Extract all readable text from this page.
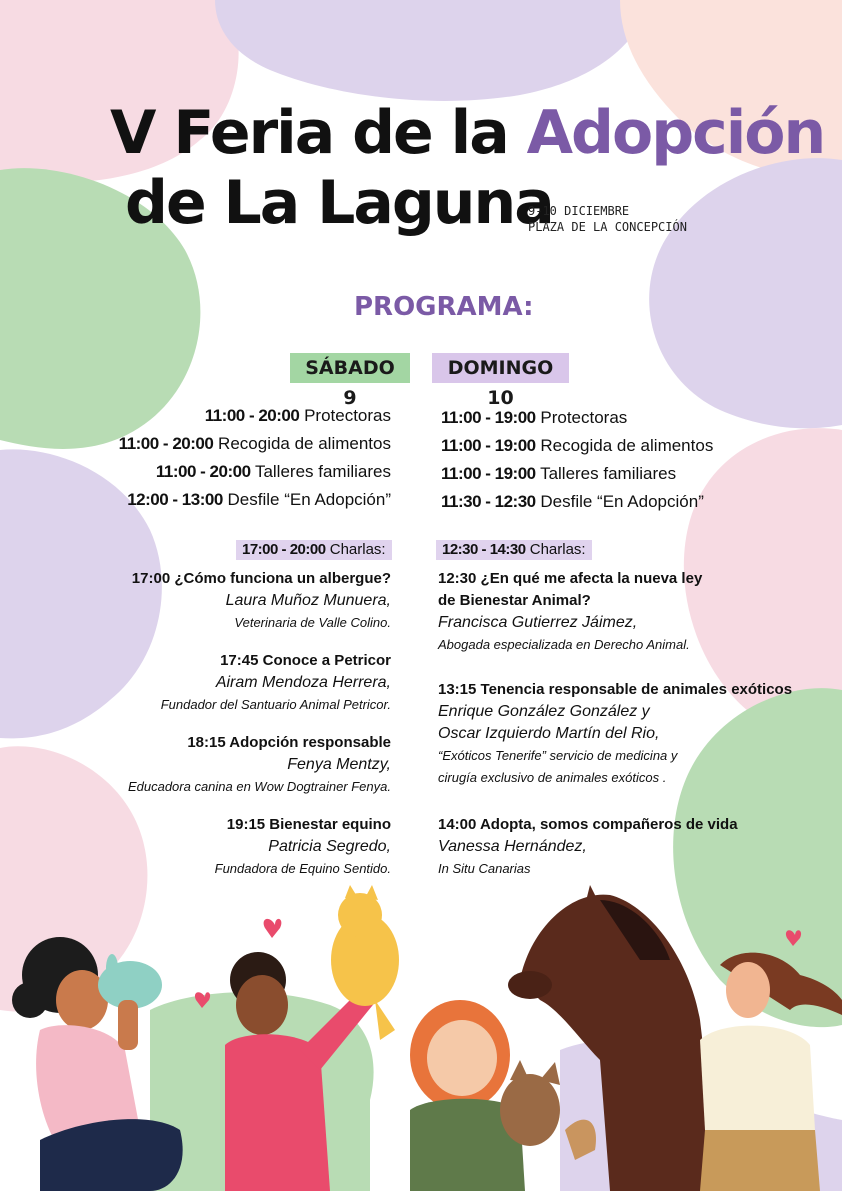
V Feria de la Adopción
de La Laguna
9-10 DICIEMBRE
PLAZA DE LA CONCEPCIÓN
PROGRAMA:
SÁBADO 9
DOMINGO 10
11:00 - 20:00 Protectoras
11:00 - 20:00 Recogida de alimentos
11:00 - 20:00 Talleres familiares
12:00 - 13:00 Desfile “En Adopción”
11:00 - 19:00 Protectoras
11:00 - 19:00 Recogida de alimentos
11:00 - 19:00 Talleres familiares
11:30 - 12:30 Desfile “En Adopción”
17:00 - 20:00 Charlas:	12:30 - 14:30 Charlas:
17:00 ¿Cómo funciona un albergue?
Laura Muñoz Munuera,
Veterinaria de Valle Colino.
17:45 Conoce a Petricor
Airam Mendoza Herrera,
Fundador del Santuario Animal Petricor.
18:15 Adopción responsable
Fenya Mentzy,
Educadora canina en Wow Dogtrainer Fenya.
19:15 Bienestar equino
Patricia Segredo,
Fundadora de Equino Sentido.
12:30 ¿En qué me afecta la nueva ley
de Bienestar Animal?
Francisca Gutierrez Jáimez,
Abogada especializada en Derecho Animal.
13:15 Tenencia responsable de animales exóticos
Enrique González González y
Oscar Izquierdo Martín del Rio,
“Exóticos Tenerife” servicio de medicina y
cirugía exclusivo de animales exóticos .
14:00 Adopta, somos compañeros de vida
Vanessa Hernández,
In Situ Canarias
